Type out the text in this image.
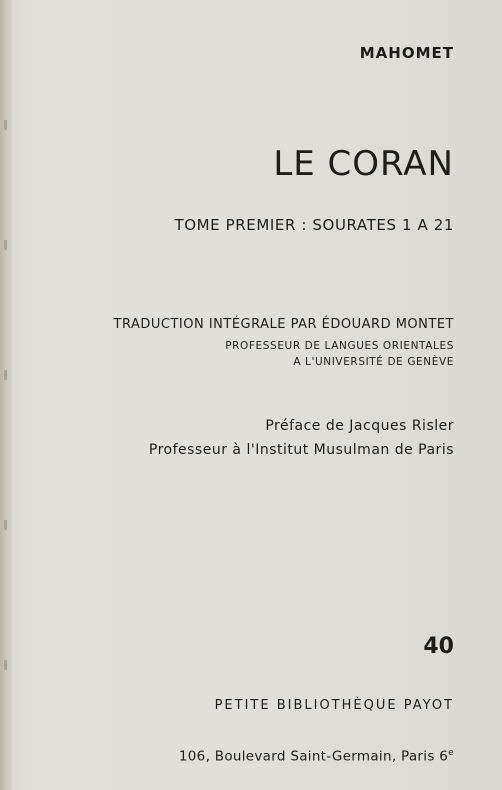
MAHOMET
LE CORAN
TOME PREMIER : SOURATES 1 A 21
TRADUCTION INTÉGRALE PAR ÉDOUARD MONTET
PROFESSEUR DE LANGUES ORIENTALES
A L'UNIVERSITÉ DE GENÈVE
Préface de Jacques Risler
Professeur à l'Institut Musulman de Paris
40
PETITE BIBLIOTHÈQUE PAYOT
106, Boulevard Saint-Germain, Paris 6e
